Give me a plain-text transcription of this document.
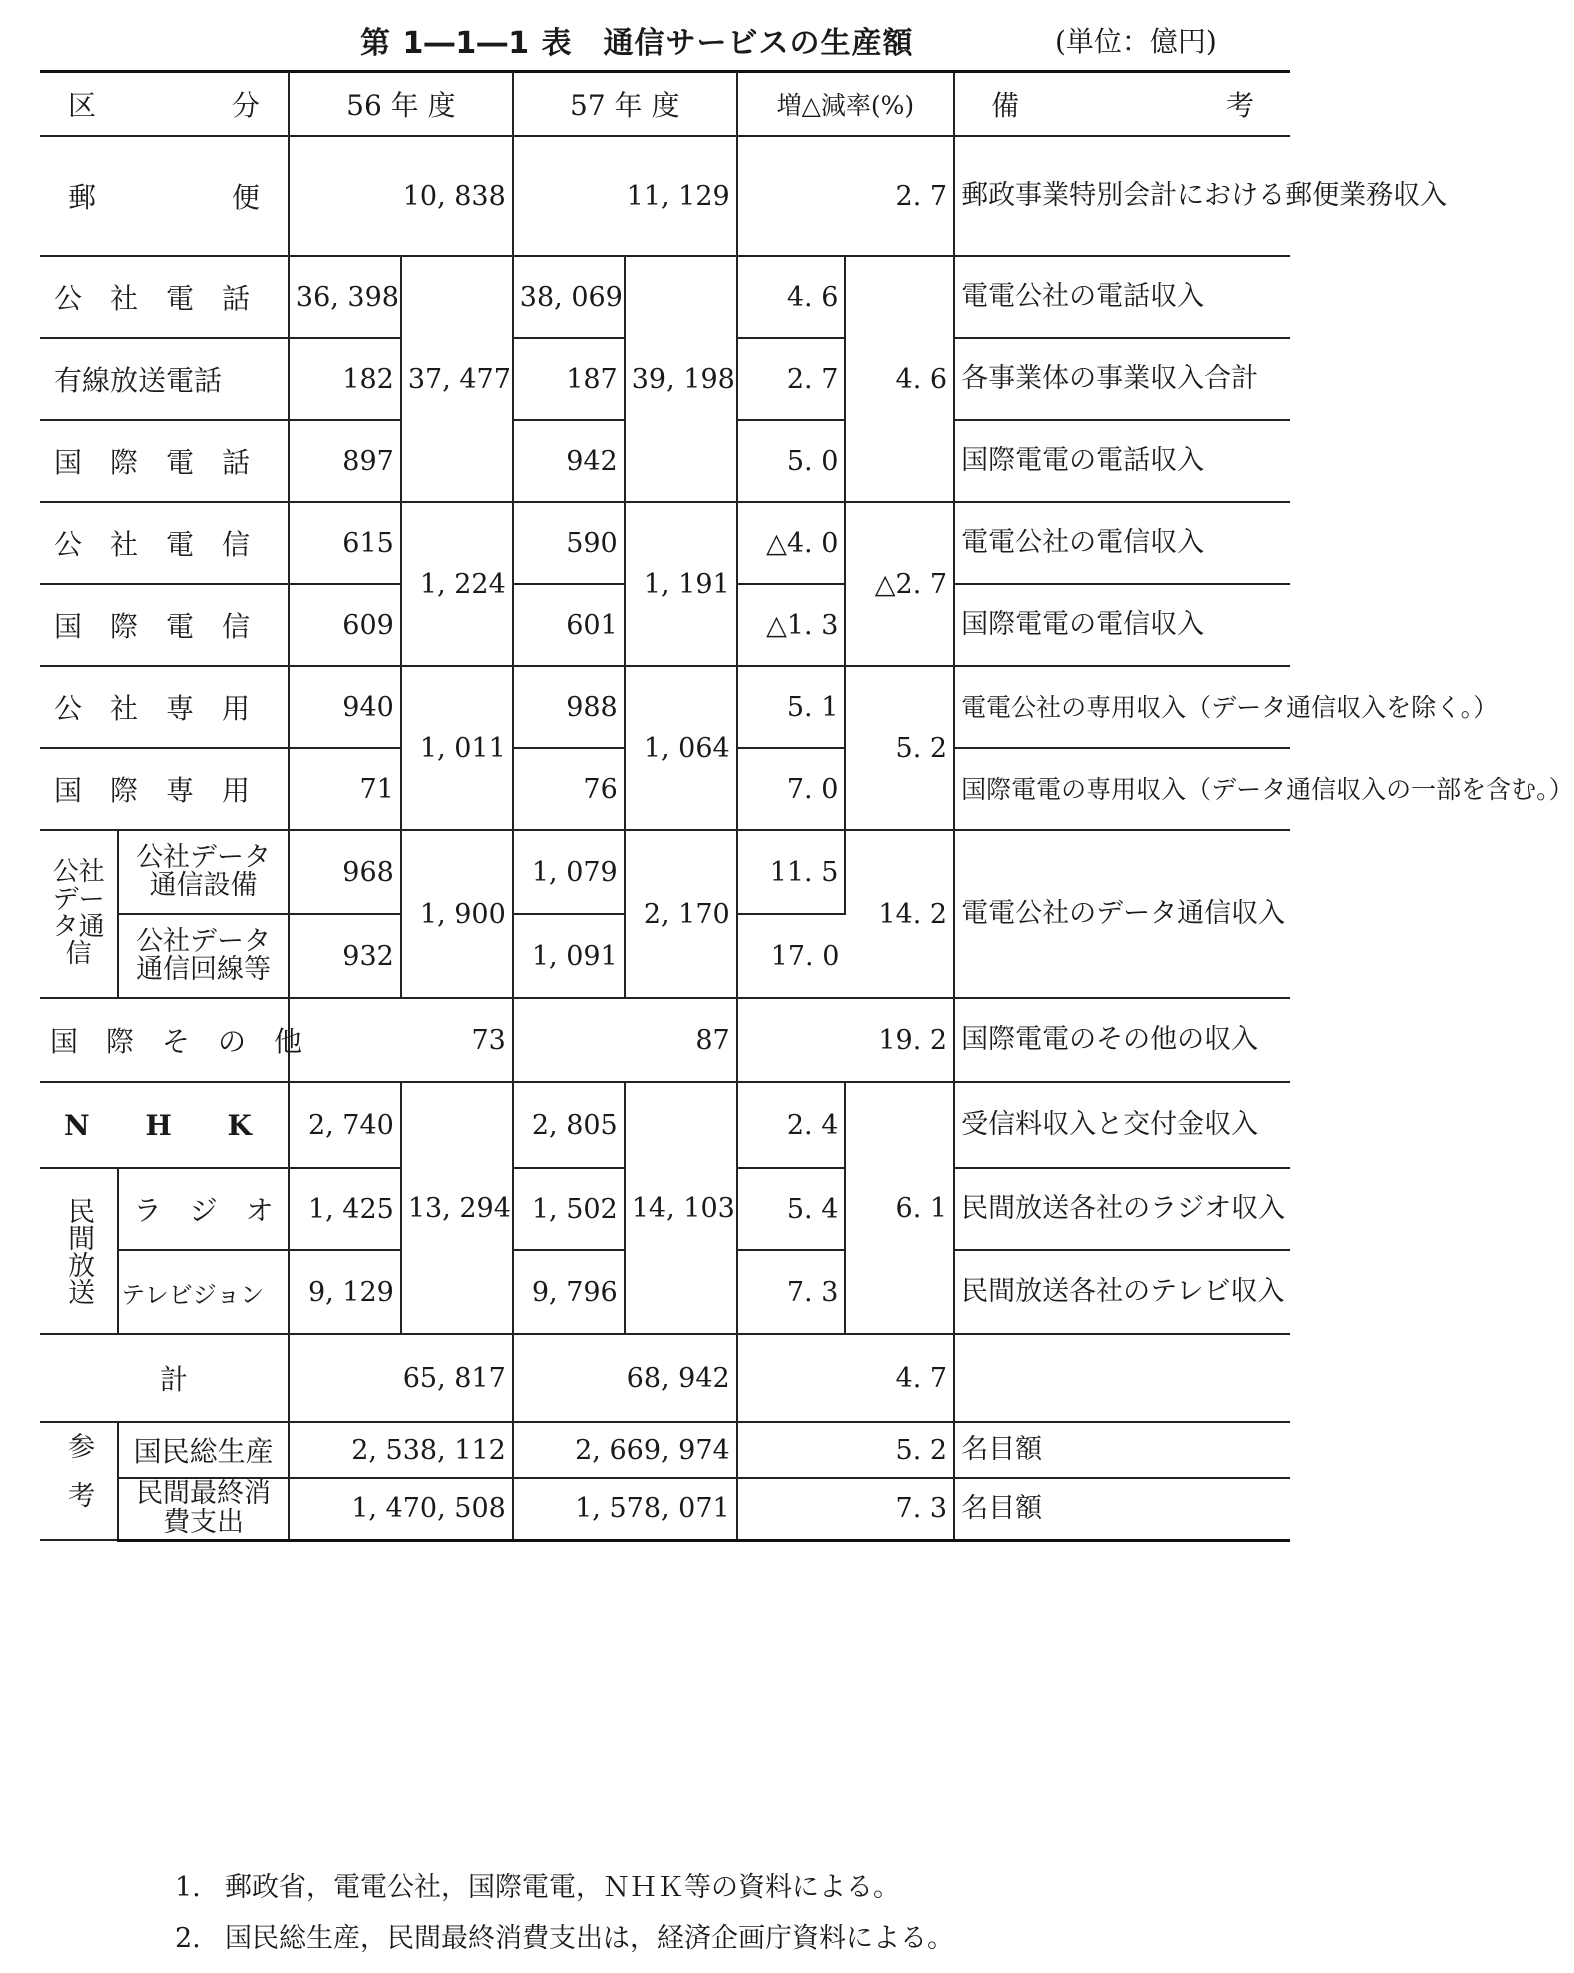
第 1―1―1 表　通信サービスの生産額	(単位：億円)
区 分		56 年 度		57 年 度		増△減率(%)		備 考

郵 便		10, 838		11, 129		2. 7		郵政事業特別会計における郵便業務収入
公　社　電　話		36, 398	37, 477	38, 069	39, 198	4. 6	4. 6	電電公社の電話収入
有線放送電話		182		187		2. 7		各事業体の事業収入合計
国　際　電　話		897		942		5. 0		国際電電の電話収入
公　社　電　信		615	1, 224	590	1, 191	△4. 0	△2. 7	電電公社の電信収入
国　際　電　信		609		601		△1. 3		国際電電の電信収入
公　社　専　用		940	1, 011	988	1, 064	5. 1	5. 2	電電公社の専用収入（データ通信収入を除く。）
国　際　専　用		71		76		7. 0		国際電電の専用収入（データ通信収入の一部を含む。）
公社データ通信	公社データ通信設備	968	1, 900	1, 079	2, 170	11. 5	14. 2	電電公社のデータ通信収入
	公社データ通信回線等	932		1, 091		17. 0		
国　際　そ　の　他		73		87		19. 2		国際電電のその他の収入

N H K		2, 740	13, 294	2, 805	14, 103	2. 4	6. 1	受信料収入と交付金収入

民間放送	ラ　ジ　オ	1, 425		1, 502		5. 4		民間放送各社のラジオ収入
	テレビジョン	9, 129		9, 796		7. 3		民間放送各社のテレビ収入
計		65, 817		68, 942		4. 7		

参考	国民総生産	2, 538, 112		2, 669, 974		5. 2		名目額
	民間最終消費支出	1, 470, 508		1, 578, 071		7. 3		名目額
1. 郵政省，電電公社，国際電電，ＮＨＫ等の資料による。
2. 国民総生産，民間最終消費支出は，経済企画庁資料による。
